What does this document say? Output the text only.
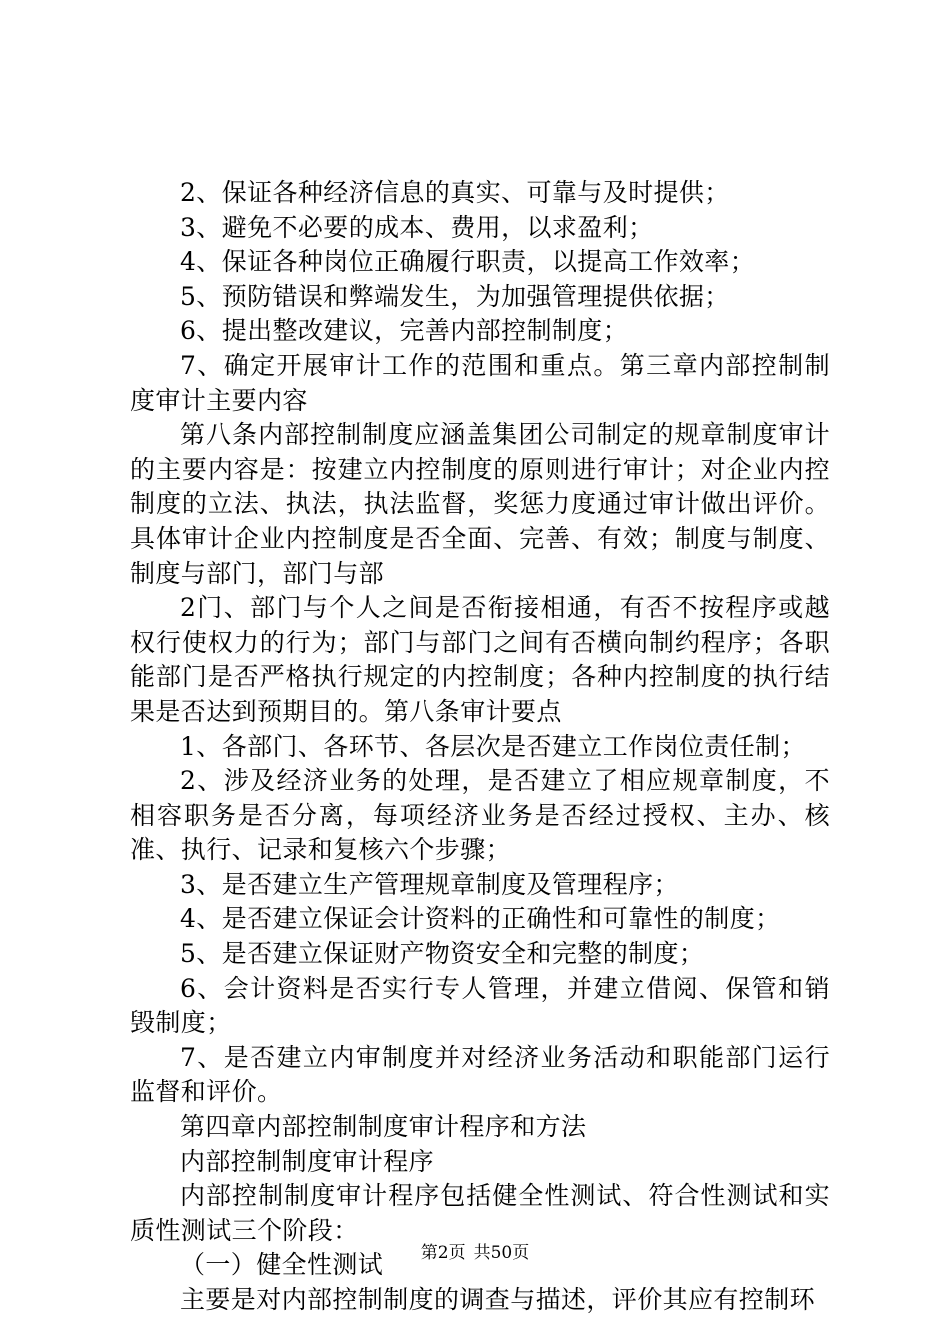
2、保证各种经济信息的真实、可靠与及时提供；

3、避免不必要的成本、费用，以求盈利；

4、保证各种岗位正确履行职责，以提高工作效率；

5、预防错误和弊端发生，为加强管理提供依据；

6、提出整改建议，完善内部控制制度；

7、确定开展审计工作的范围和重点。第三章内部控制制度审计主要内容

第八条内部控制制度应涵盖集团公司制定的规章制度审计的主要内容是：按建立内控制度的原则进行审计；对企业内控制度的立法、执法，执法监督，奖惩力度通过审计做出评价。具体审计企业内控制度是否全面、完善、有效；制度与制度、制度与部门，部门与部

2门、部门与个人之间是否衔接相通，有否不按程序或越权行使权力的行为；部门与部门之间有否横向制约程序；各职能部门是否严格执行规定的内控制度；各种内控制度的执行结果是否达到预期目的。第八条审计要点

1、各部门、各环节、各层次是否建立工作岗位责任制；

2、涉及经济业务的处理，是否建立了相应规章制度，不相容职务是否分离，每项经济业务是否经过授权、主办、核准、执行、记录和复核六个步骤；

3、是否建立生产管理规章制度及管理程序；

4、是否建立保证会计资料的正确性和可靠性的制度；

5、是否建立保证财产物资安全和完整的制度；

6、会计资料是否实行专人管理，并建立借阅、保管和销毁制度；

7、是否建立内审制度并对经济业务活动和职能部门运行监督和评价。

第四章内部控制制度审计程序和方法

内部控制制度审计程序

内部控制制度审计程序包括健全性测试、符合性测试和实质性测试三个阶段：

（一）健全性测试

主要是对内部控制制度的调查与描述，评价其应有控制环

第2页 共50页
